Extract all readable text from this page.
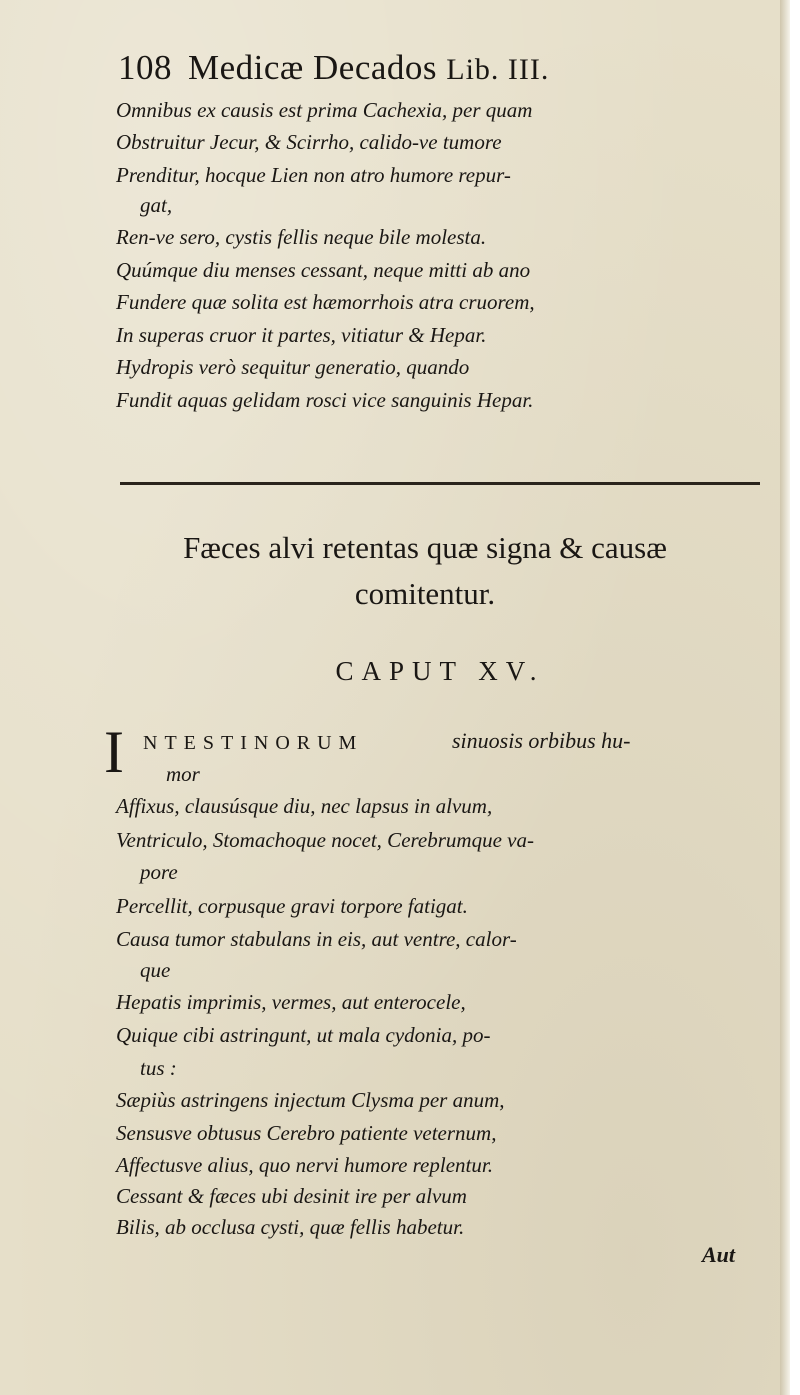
108 Medicæ Decados Lib. III.
Omnibus ex causis est prima Cachexia, per quam
Obstruitur Jecur, & Scirrho, calido-ve tumore
Prenditur, hocque Lien non atro humore repur-
gat,
Ren-ve sero, cystis fellis neque bile molesta.
Quúmque diu menses cessant, neque mitti ab ano
Fundere quæ solita est hæmorrhois atra cruorem,
In superas cruor it partes, vitiatur & Hepar.
Hydropis verò sequitur generatio, quando
Fundit aquas gelidam rosci vice sanguinis Hepar.
Fæces alvi retentas quæ signa & causæ
comitentur.
CAPUT XV.
I NTESTINORUM	sinuosis orbibus hu-
mor
Affixus, clausúsque diu, nec lapsus in alvum,
Ventriculo, Stomachoque nocet, Cerebrumque va-
pore
Percellit, corpusque gravi torpore fatigat.
Causa tumor stabulans in eis, aut ventre, calor-
que
Hepatis imprimis, vermes, aut enterocele,
Quique cibi astringunt, ut mala cydonia, po-
tus :
Sæpiùs astringens injectum Clysma per anum,
Sensusve obtusus Cerebro patiente veternum,
Affectusve alius, quo nervi humore replentur.
Cessant & fæces ubi desinit ire per alvum
Bilis, ab occlusa cysti, quæ fellis habetur.
Aut
